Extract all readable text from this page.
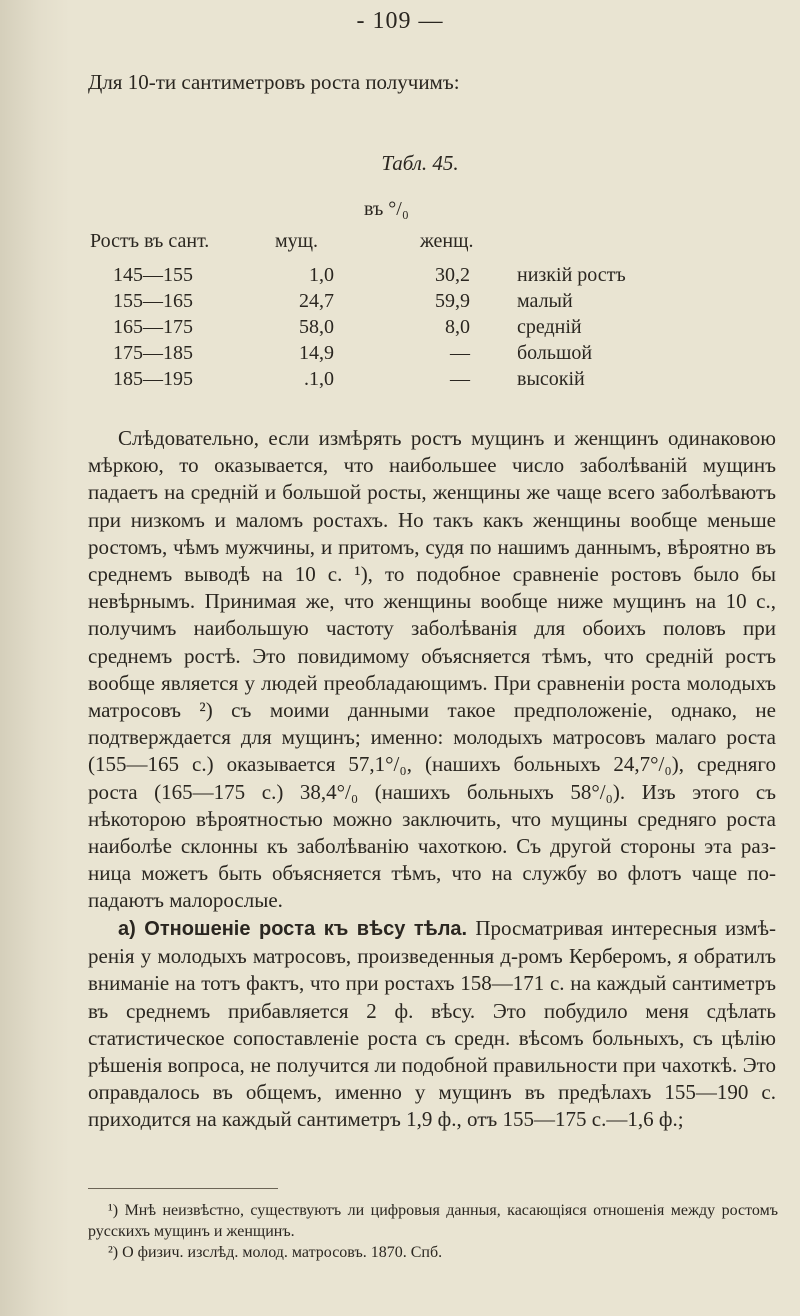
- 109 —
Для 10-ти сантиметровъ роста получимъ:
Табл. 45.
въ °/₀
Ростъ въ сант.	мущ.	женщ.
145—155	1,0	30,2 низкій ростъ
155—165	24,7	59,9 малый
165—175	58,0	8,0 средній
175—185	14,9	— большой
185—195	.1,0	— высокій

Слѣдовательно, если измѣрять ростъ мущинъ и женщинъ одинаковою мѣркою, то оказывается, что наибольшее число заболѣваній мущинъ падаетъ на средній и большой росты, женщины же чаще всего заболѣваютъ при низкомъ и маломъ ростахъ. Но такъ какъ женщины вообще меньше ростомъ, чѣмъ мужчины, и притомъ, судя по нашимъ даннымъ, вѣроятно въ среднемъ выводѣ на 10 с. ¹), то подобное сравненіе ростовъ было бы невѣрнымъ. Принимая же, что женщины вообще ниже мущинъ на 10 с., получимъ наибольшую частоту заболѣванія для обоихъ половъ при среднемъ ростѣ. Это повидимому объясняется тѣмъ, что средній ростъ вообще является у людей преобладающимъ. При сравненіи роста молодыхъ матросовъ ²) съ моими данными такое предположеніе, однако, не подтверждается для мущинъ; именно: молодыхъ матросовъ малаго роста (155—165 с.) оказывается 57,1°/₀, (нашихъ больныхъ 24,7°/₀), средняго роста (165—175 с.) 38,4°/₀ (нашихъ больныхъ 58°/₀). Изъ этого съ нѣкоторою вѣроятностью можно заключить, что мущины средняго роста наиболѣе склонны къ заболѣванію чахоткою. Съ другой стороны эта разница можетъ быть объясняется тѣмъ, что на службу во флотъ чаще попадаютъ малорослые.

а) Отношеніе роста къ вѣсу тѣла. Просматривая интересныя измѣренія у молодыхъ матросовъ, произведенныя д-ромъ Керберомъ, я обратилъ вниманіе на тотъ фактъ, что при ростахъ 158—171 с. на каждый сантиметръ въ среднемъ прибавляется 2 ф. вѣсу. Это побудило меня сдѣлать статистическое сопоставленіе роста съ средн. вѣсомъ больныхъ, съ цѣлію рѣшенія вопроса, не получится ли подобной правильности при чахоткѣ. Это оправдалось въ общемъ, именно у мущинъ въ предѣлахъ 155—190 с. приходится на каждый сантиметръ 1,9 ф., отъ 155—175 с.—1,6 ф.;

¹) Мнѣ неизвѣстно, существуютъ ли цифровыя данныя, касающіяся отношенія между ростомъ русскихъ мущинъ и женщинъ.

²) О физич. изслѣд. молод. матросовъ. 1870. Спб.
